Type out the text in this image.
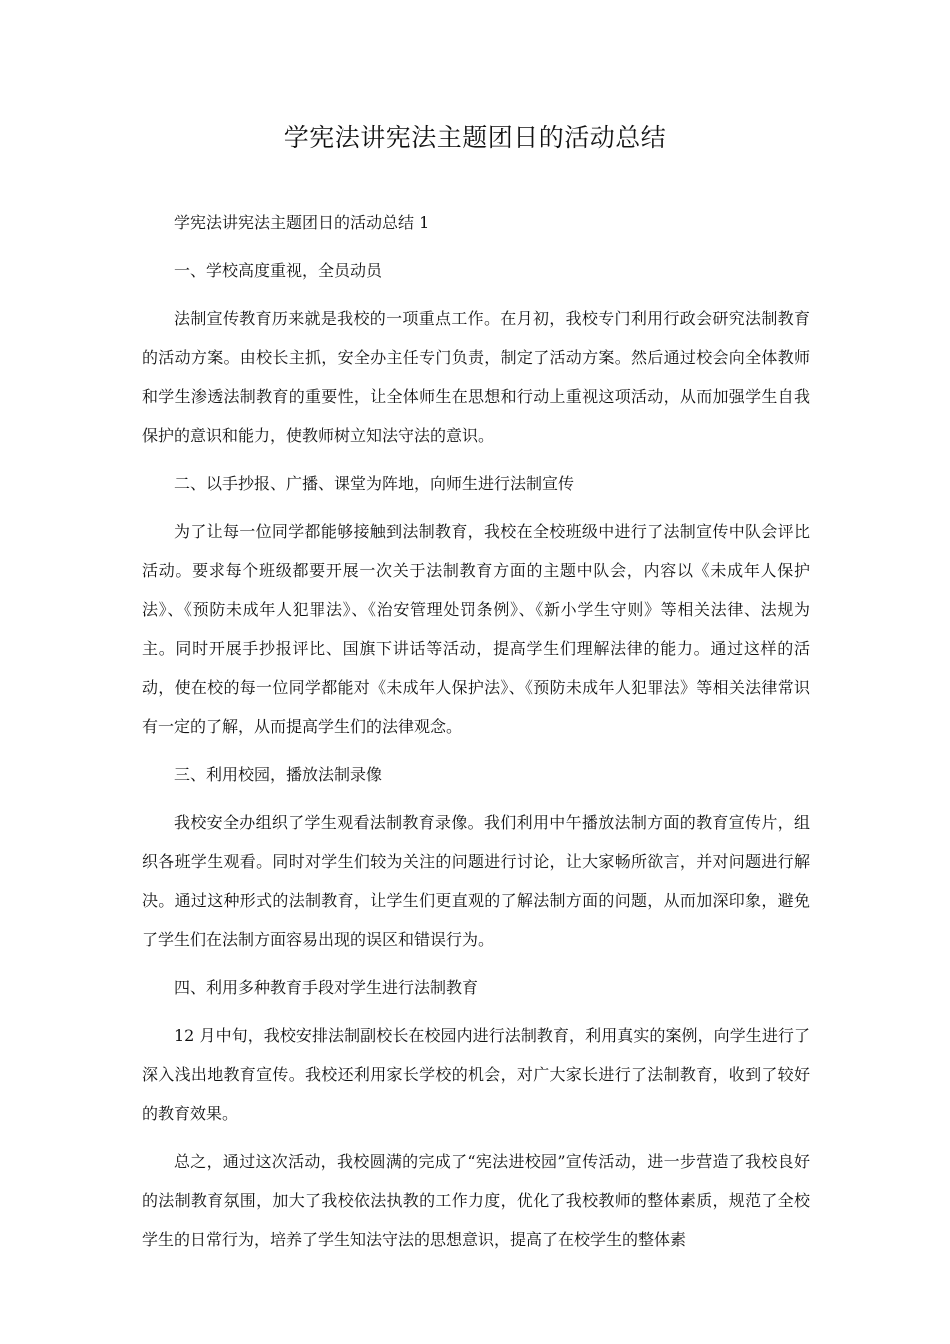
学宪法讲宪法主题团日的活动总结

学宪法讲宪法主题团日的活动总结 1

一、学校高度重视，全员动员

法制宣传教育历来就是我校的一项重点工作。在月初，我校专门利用行政会研究法制教育的活动方案。由校长主抓，安全办主任专门负责，制定了活动方案。然后通过校会向全体教师和学生渗透法制教育的重要性，让全体师生在思想和行动上重视这项活动，从而加强学生自我保护的意识和能力，使教师树立知法守法的意识。

二、以手抄报、广播、课堂为阵地，向师生进行法制宣传

为了让每一位同学都能够接触到法制教育，我校在全校班级中进行了法制宣传中队会评比活动。要求每个班级都要开展一次关于法制教育方面的主题中队会，内容以《未成年人保护法》、《预防未成年人犯罪法》、《治安管理处罚条例》、《新小学生守则》等相关法律、法规为主。同时开展手抄报评比、国旗下讲话等活动，提高学生们理解法律的能力。通过这样的活动，使在校的每一位同学都能对《未成年人保护法》、《预防未成年人犯罪法》等相关法律常识有一定的了解，从而提高学生们的法律观念。

三、利用校园，播放法制录像

我校安全办组织了学生观看法制教育录像。我们利用中午播放法制方面的教育宣传片，组织各班学生观看。同时对学生们较为关注的问题进行讨论，让大家畅所欲言，并对问题进行解决。通过这种形式的法制教育，让学生们更直观的了解法制方面的问题，从而加深印象，避免了学生们在法制方面容易出现的误区和错误行为。

四、利用多种教育手段对学生进行法制教育

12 月中旬，我校安排法制副校长在校园内进行法制教育，利用真实的案例，向学生进行了深入浅出地教育宣传。我校还利用家长学校的机会，对广大家长进行了法制教育，收到了较好的教育效果。

总之，通过这次活动，我校圆满的完成了“宪法进校园”宣传活动，进一步营造了我校良好的法制教育氛围，加大了我校依法执教的工作力度，优化了我校教师的整体素质，规范了全校学生的日常行为，培养了学生知法守法的思想意识，提高了在校学生的整体素
